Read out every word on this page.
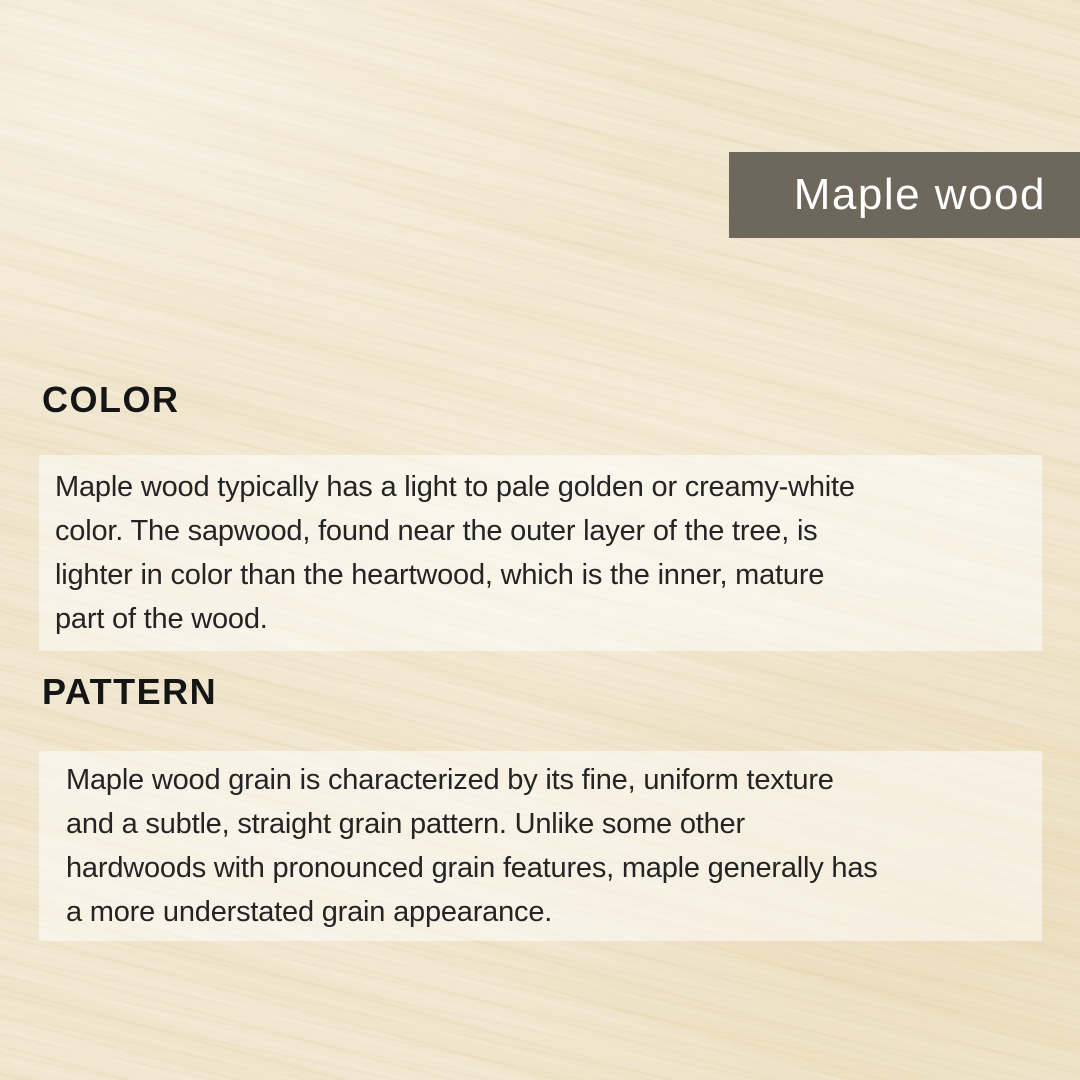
Maple wood
COLOR

Maple wood typically has a light to pale golden or creamy-white

color. The sapwood, found near the outer layer of the tree, is

lighter in color than the heartwood, which is the inner, mature

part of the wood.

PATTERN

Maple wood grain is characterized by its fine, uniform texture

and a subtle, straight grain pattern. Unlike some other

hardwoods with pronounced grain features, maple generally has

a more understated grain appearance.
